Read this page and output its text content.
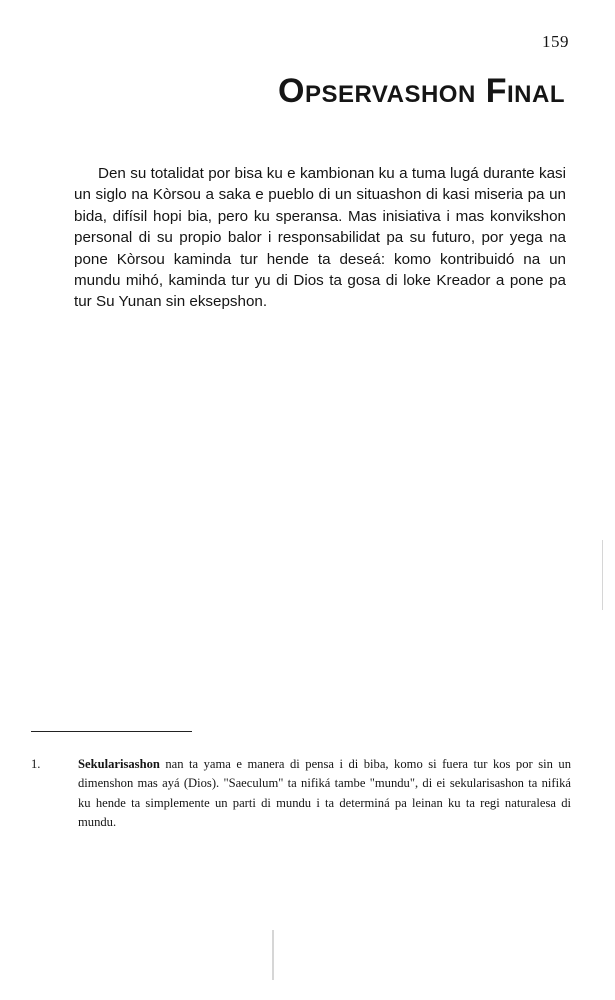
159
Opservashon Final

Den su totalidat por bisa ku e kambionan ku a tuma lugá durante kasi un siglo na Kòrsou a saka e pueblo di un situashon di kasi miseria pa un bida, difísil hopi bia, pero ku speransa. Mas inisiativa i mas konvikshon personal di su propio balor i responsabilidat pa su futuro, por yega na pone Kòrsou kaminda tur hende ta deseá: komo kontribuidó na un mundu mihó, kaminda tur yu di Dios ta gosa di loke Kreador a pone pa tur Su Yunan sin eksepshon.

1.	Sekularisashon nan ta yama e manera di pensa i di biba, komo si fuera tur kos por sin un dimenshon mas ayá (Dios). "Saeculum" ta nifiká tambe "mundu", di ei sekularisashon ta nifiká ku hende ta simplemente un parti di mundu i ta determiná pa leinan ku ta regi naturalesa di mundu.
